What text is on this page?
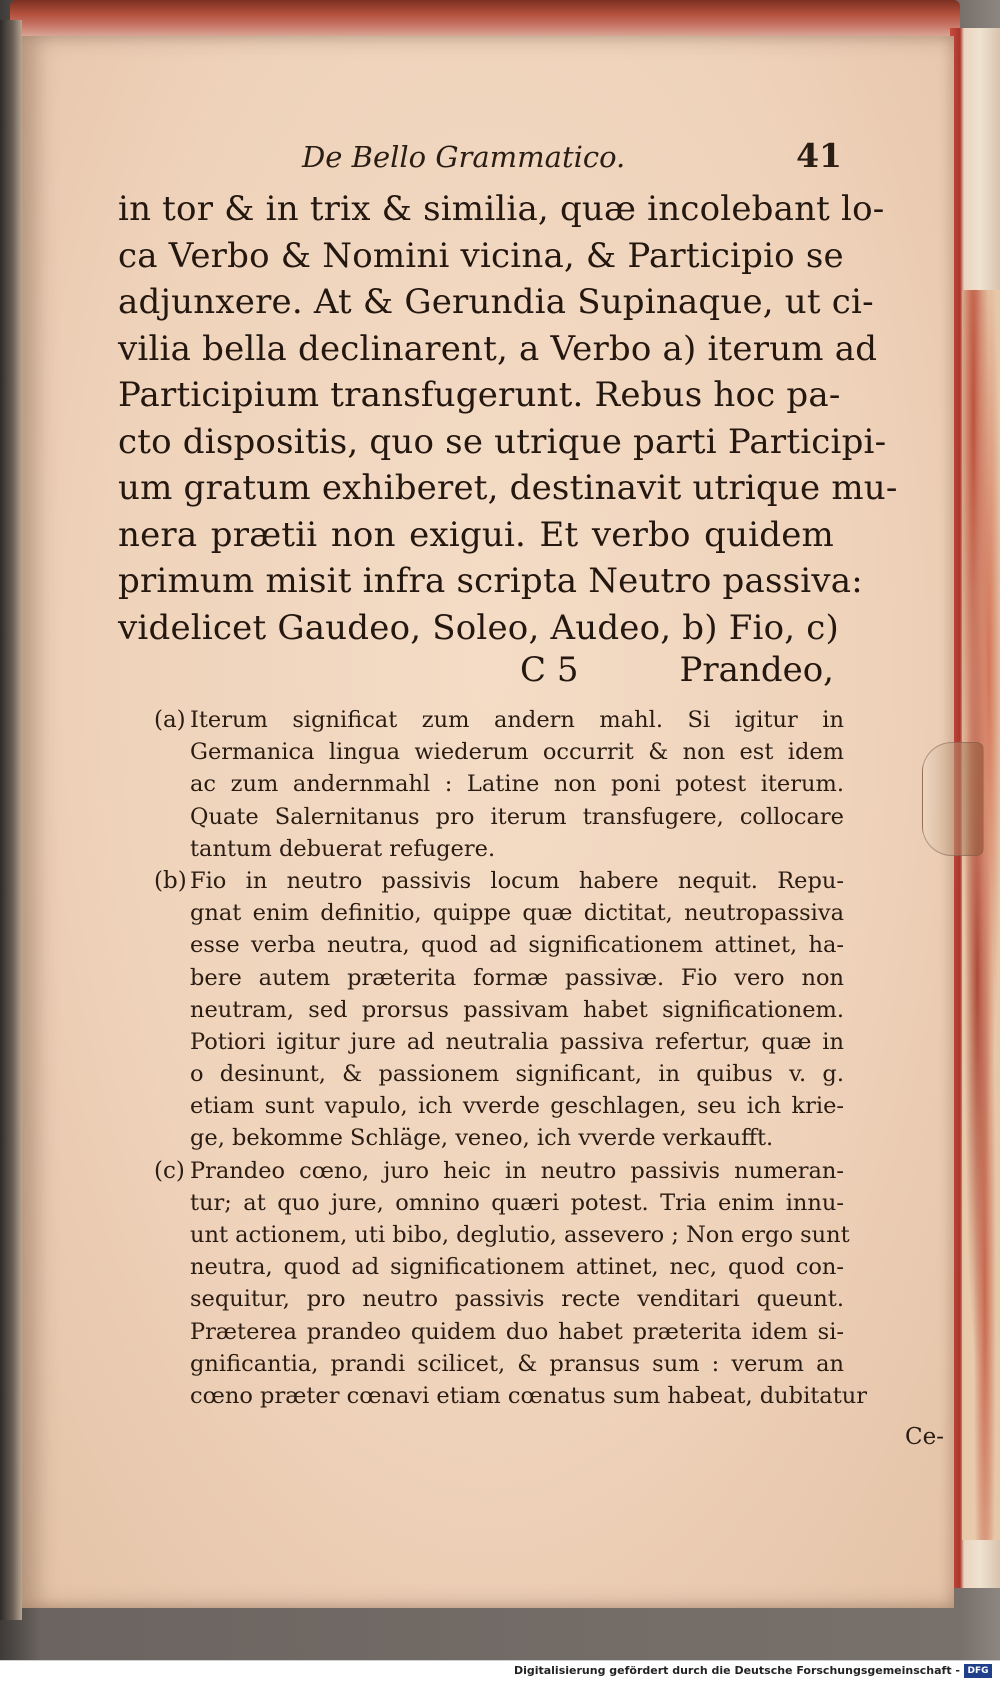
De Bello Grammatico.	41
in tor & in trix & similia, quæ incolebant lo-
ca Verbo & Nomini vicina, & Participio se
adjunxere. At & Gerundia Supinaque, ut ci-
vilia bella declinarent, a Verbo a) iterum ad
Participium transfugerunt. Rebus hoc pa-
cto dispositis, quo se utrique parti Participi-
um gratum exhiberet, destinavit utrique mu-
nera prætii non exigui. Et verbo quidem
primum misit infra scripta Neutro passiva:
videlicet Gaudeo, Soleo, Audeo, b) Fio, c)
C 5	Prandeo,
(a) Iterum significat zum andern mahl. Si igitur in
Germanica lingua wiederum occurrit & non est idem
ac zum andernmahl : Latine non poni potest iterum.
Quate Salernitanus pro iterum transfugere, collocare
tantum debuerat refugere.
(b) Fio in neutro passivis locum habere nequit. Repu-
gnat enim definitio, quippe quæ dictitat, neutropassiva
esse verba neutra, quod ad significationem attinet, ha-
bere autem præterita formæ passivæ. Fio vero non
neutram, sed prorsus passivam habet significationem.
Potiori igitur jure ad neutralia passiva refertur, quæ in
o desinunt, & passionem significant, in quibus v. g.
etiam sunt vapulo, ich vverde geschlagen, seu ich krie-
ge, bekomme Schläge, veneo, ich vverde verkaufft.
(c) Prandeo cœno, juro heic in neutro passivis numeran-
tur; at quo jure, omnino quæri potest. Tria enim innu-
unt actionem, uti bibo, deglutio, assevero ; Non ergo sunt
neutra, quod ad significationem attinet, nec, quod con-
sequitur, pro neutro passivis recte venditari queunt.
Præterea prandeo quidem duo habet præterita idem si-
gnificantia, prandi scilicet, & pransus sum : verum an
cœno præter cœnavi etiam cœnatus sum habeat, dubitatur
Ce-
Digitalisierung gefördert durch die Deutsche Forschungsgemeinschaft - DFG
